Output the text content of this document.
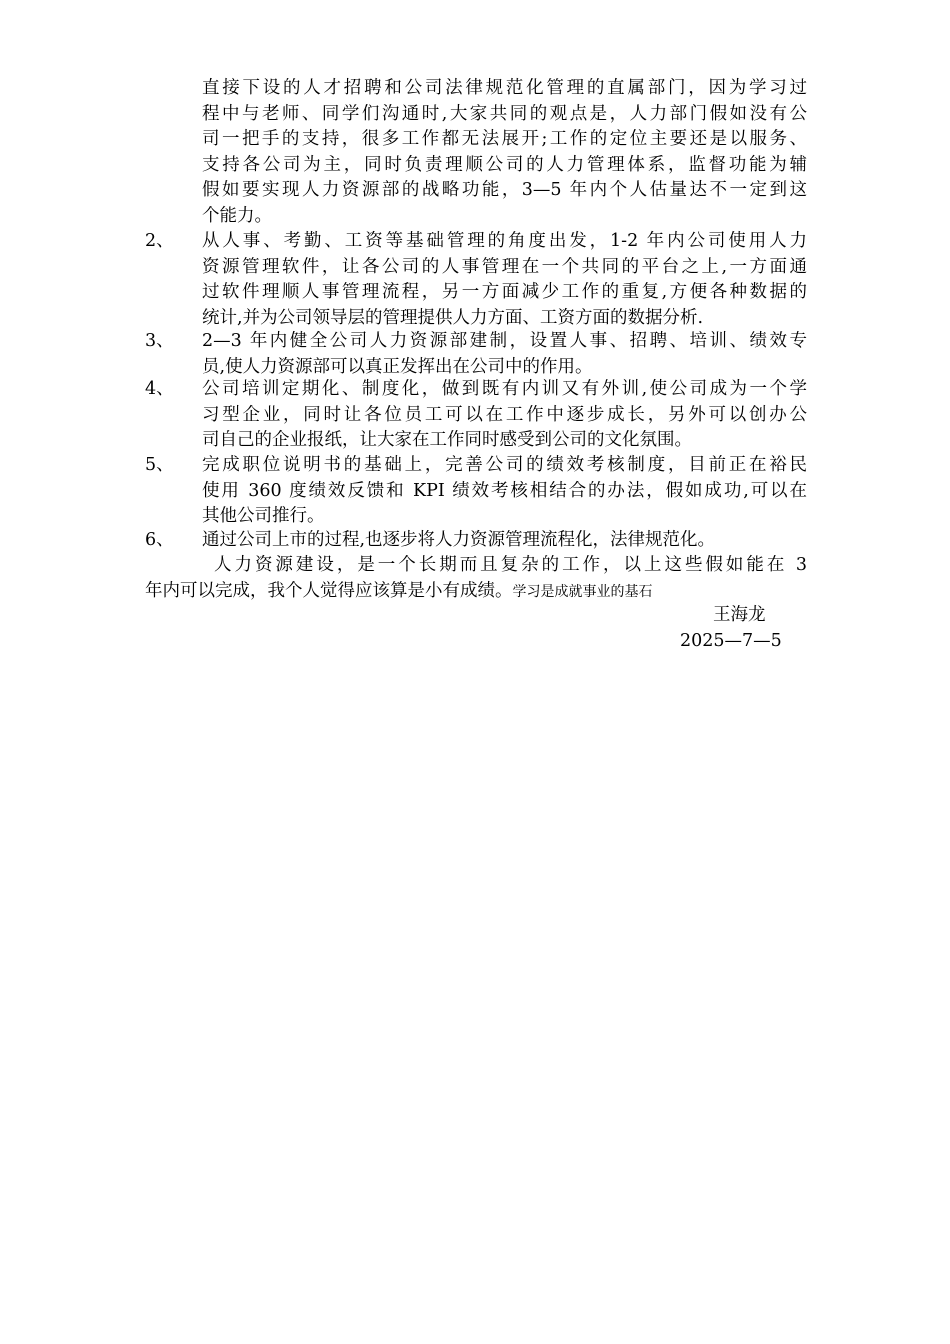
直接下设的人才招聘和公司法律规范化管理的直属部门，因为学习过
程中与老师、同学们沟通时,大家共同的观点是，人力部门假如没有公
司一把手的支持，很多工作都无法展开;工作的定位主要还是以服务、
支持各公司为主，同时负责理顺公司的人力管理体系，监督功能为辅
假如要实现人力资源部的战略功能，3—5 年内个人估量达不一定到这
个能力。
2、 从人事、考勤、工资等基础管理的角度出发，1-2 年内公司使用人力
资源管理软件，让各公司的人事管理在一个共同的平台之上,一方面通
过软件理顺人事管理流程，另一方面减少工作的重复,方便各种数据的
统计,并为公司领导层的管理提供人力方面、工资方面的数据分析.
3、 2—3 年内健全公司人力资源部建制，设置人事、招聘、培训、绩效专
员,使人力资源部可以真正发挥出在公司中的作用。
4、 公司培训定期化、制度化，做到既有内训又有外训,使公司成为一个学
习型企业，同时让各位员工可以在工作中逐步成长，另外可以创办公
司自己的企业报纸，让大家在工作同时感受到公司的文化氛围。
5、 完成职位说明书的基础上，完善公司的绩效考核制度，目前正在裕民
使用 360 度绩效反馈和 KPI 绩效考核相结合的办法，假如成功,可以在
其他公司推行。
6、 通过公司上市的过程,也逐步将人力资源管理流程化，法律规范化。
人力资源建设，是一个长期而且复杂的工作，以上这些假如能在 3
年内可以完成，我个人觉得应该算是小有成绩。学习是成就事业的基石
王海龙
2025—7—5
